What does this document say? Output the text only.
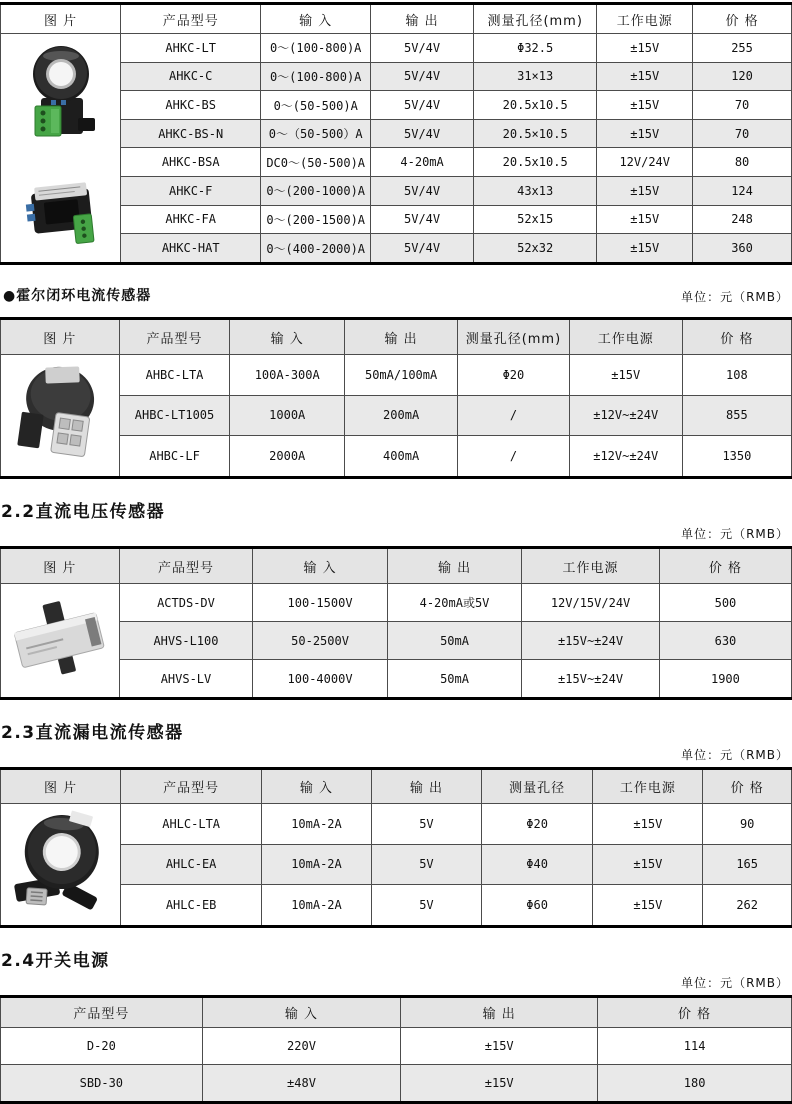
图 片	产品型号	输 入	输 出	测量孔径(mm)	工作电源	价 格

	AHKC-LT	0～(100-800)A	5V/4V	Φ32.5	±15V	255
	AHKC-C	0～(100-800)A	5V/4V	31×13	±15V	120
	AHKC-BS	0～(50-500)A	5V/4V	20.5x10.5	±15V	70
	AHKC-BS-N	0～（50-500）A	5V/4V	20.5×10.5	±15V	70
	AHKC-BSA	DC0～(50-500)A	4-20mA	20.5x10.5	12V/24V	80
	AHKC-F	0～(200-1000)A	5V/4V	43x13	±15V	124
	AHKC-FA	0～(200-1500)A	5V/4V	52x15	±15V	248
	AHKC-HAT	0～(400-2000)A	5V/4V	52x32	±15V	360
●霍尔闭环电流传感器	单位：元（RMB）
图 片	产品型号	输 入	输 出	测量孔径(mm)	工作电源	价 格

	AHBC-LTA	100A-300A	50mA/100mA	Φ20	±15V	108
	AHBC-LT1005	1000A	200mA	/	±12V~±24V	855
	AHBC-LF	2000A	400mA	/	±12V~±24V	1350
2.2直流电压传感器
单位：元（RMB）
图 片	产品型号	输 入	输 出	工作电源	价 格

	ACTDS-DV	100-1500V	4-20mA或5V	12V/15V/24V	500
	AHVS-L100	50-2500V	50mA	±15V~±24V	630
	AHVS-LV	100-4000V	50mA	±15V~±24V	1900
2.3直流漏电流传感器
单位：元（RMB）
图 片	产品型号	输 入	输 出	测量孔径	工作电源	价 格

	AHLC-LTA	10mA-2A	5V	Φ20	±15V	90
	AHLC-EA	10mA-2A	5V	Φ40	±15V	165
	AHLC-EB	10mA-2A	5V	Φ60	±15V	262
2.4开关电源
单位：元（RMB）
产品型号	输 入	输 出	价 格
D-20	220V	±15V	114
SBD-30	±48V	±15V	180
